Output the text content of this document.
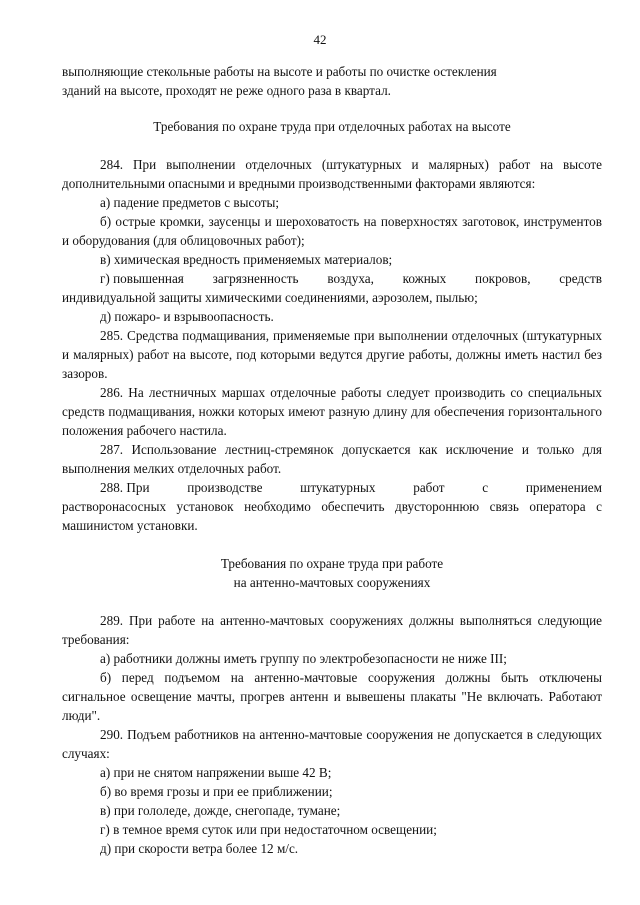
42

выполняющие стекольные работы на высоте и работы по очистке остекления
зданий на высоте, проходят не реже одного раза в квартал.

Требования по охране труда при отделочных работах на высоте

284. При выполнении отделочных (штукатурных и малярных) работ на высоте дополнительными опасными и вредными производственными факторами являются:

а) падение предметов с высоты;

б) острые кромки, заусенцы и шероховатость на поверхностях заготовок, инструментов и оборудования (для облицовочных работ);

в) химическая вредность применяемых материалов;

г) повышенная загрязненность воздуха, кожных покровов, средств
индивидуальной защиты химическими соединениями, аэрозолем, пылью;

д) пожаро- и взрывоопасность.

285. Средства подмащивания, применяемые при выполнении отделочных (штукатурных и малярных) работ на высоте, под которыми ведутся другие работы, должны иметь настил без зазоров.

286. На лестничных маршах отделочные работы следует производить со специальных средств подмащивания, ножки которых имеют разную длину для обеспечения горизонтального положения рабочего настила.

287. Использование лестниц-стремянок допускается как исключение и только для выполнения мелких отделочных работ.

288. При	производстве	штукатурных	работ	с	применением
растворонасосных установок необходимо обеспечить двустороннюю связь оператора с машинистом установки.

Требования по охране труда при работе
на антенно-мачтовых сооружениях

289. При работе на антенно-мачтовых сооружениях должны выполняться следующие требования:

а) работники должны иметь группу по электробезопасности не ниже III;

б) перед подъемом на антенно-мачтовые сооружения должны быть отключены сигнальное освещение мачты, прогрев антенн и вывешены плакаты "Не включать. Работают люди".

290. Подъем работников на антенно-мачтовые сооружения не допускается в следующих случаях:

а) при не снятом напряжении выше 42 В;

б) во время грозы и при ее приближении;

в) при гололеде, дожде, снегопаде, тумане;

г) в темное время суток или при недостаточном освещении;

д) при скорости ветра более 12 м/с.
